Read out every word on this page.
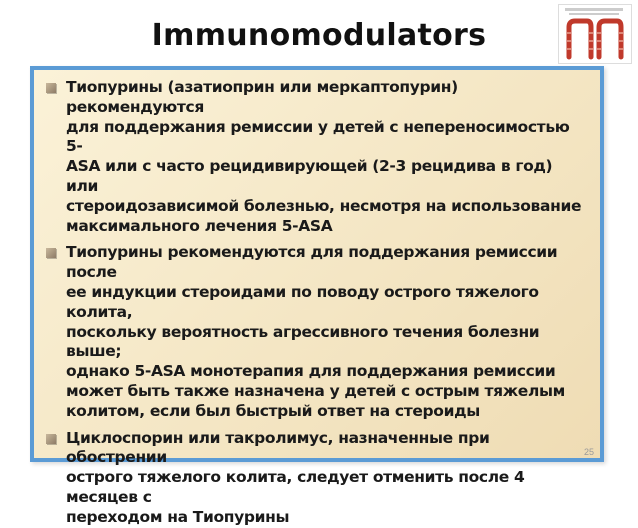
Immunomodulators
Тиопурины (азатиоприн или меркаптопурин) рекомендуются
для поддержания ремиссии у детей с непереносимостью 5-
ASA или с часто рецидивирующей (2-3 рецидива в год) или
стероидозависимой болезнью, несмотря на использование
максимального лечения 5-ASA
Тиопурины рекомендуются для поддержания ремиссии после
ее индукции стероидами по поводу острого тяжелого колита,
поскольку вероятность агрессивного течения болезни выше;
однако 5-ASA монотерапия для поддержания ремиссии
может быть также назначена у детей с острым тяжелым
колитом, если был быстрый ответ на стероиды
Циклоспорин или такролимус, назначенные при обострении
острого тяжелого колита, следует отменить после 4 месяцев с
переходом на Тиопурины
25
